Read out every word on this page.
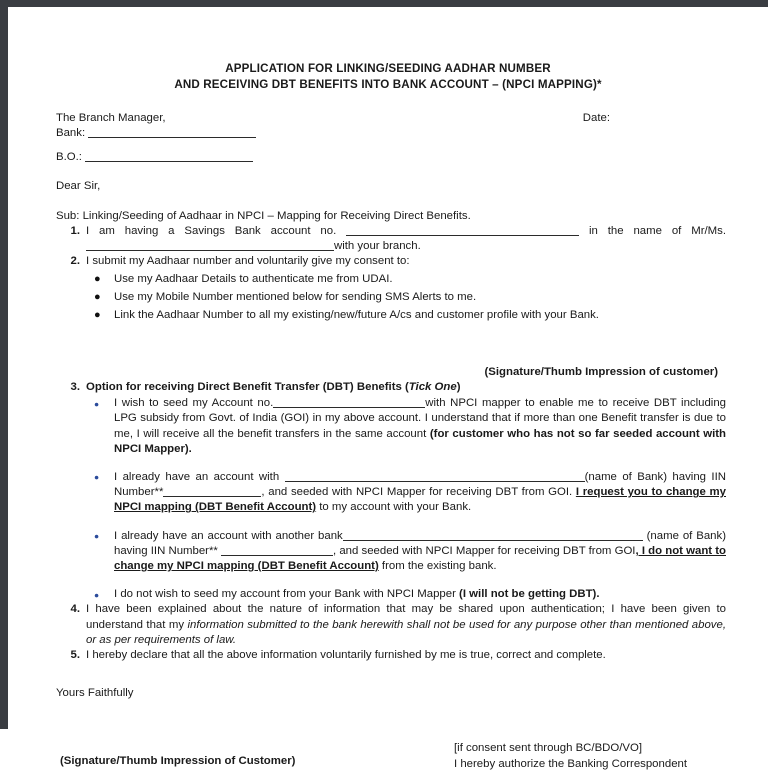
APPLICATION FOR LINKING/SEEDING AADHAR NUMBER
AND RECEIVING DBT BENEFITS INTO BANK ACCOUNT – (NPCI MAPPING)*
The Branch Manager,
Bank:
B.O.:
Date:
Dear Sir,
Sub: Linking/Seeding of Aadhaar in NPCI – Mapping for Receiving Direct Benefits.
1. I am having a Savings Bank account no.	in the name of Mr/Ms.with your branch.
2. I submit my Aadhaar number and voluntarily give my consent to:
● Use my Aadhaar Details to authenticate me from UDAI.
● Use my Mobile Number mentioned below for sending SMS Alerts to me.
● Link the Aadhaar Number to all my existing/new/future A/cs and customer profile with your Bank.
(Signature/Thumb Impression of customer)
3. Option for receiving Direct Benefit Transfer (DBT) Benefits (Tick One)
● I wish to seed my Account no.	with NPCI mapper to enable me to receive DBT including LPG subsidy from Govt. of India (GOI) in my above account. I understand that if more than one Benefit transfer is due to me, I will receive all the benefit transfers in the same account (for customer who has not so far seeded account with NPCI Mapper).
● I already have an account with	(name of Bank) having IIN Number**	, and seeded with NPCI Mapper for receiving DBT from GOI. I request you to change my NPCI mapping (DBT Benefit Account) to my account with your Bank.
● I already have an account with another bank	(name of Bank) having IIN Number**	, and seeded with NPCI Mapper for receiving DBT from GOI, I do not want to change my NPCI mapping (DBT Benefit Account) from the existing bank.
● I do not wish to seed my account from your Bank with NPCI Mapper (I will not be getting DBT).
4. I have been explained about the nature of information that may be shared upon authentication; I have been given to understand that my information submitted to the bank herewith shall not be used for any purpose other than mentioned above, or as per requirements of law.
5. I hereby declare that all the above information voluntarily furnished by me is true, correct and complete.
Yours Faithfully
(Signature/Thumb Impression of Customer)
[if consent sent through BC/BDO/VO]
I hereby authorize the Banking Correspondent
